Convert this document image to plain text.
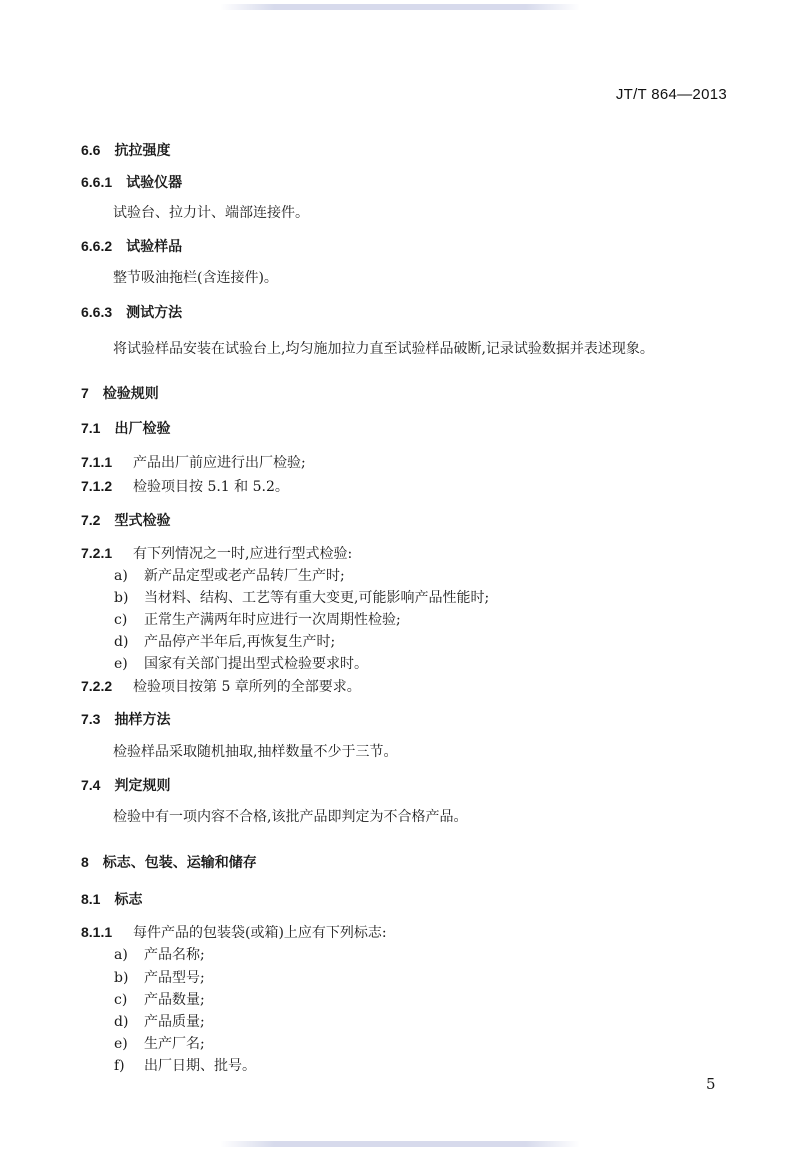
JT/T 864—2013
6.6 抗拉强度
6.6.1 试验仪器
试验台、拉力计、端部连接件。
6.6.2 试验样品
整节吸油拖栏(含连接件)。
6.6.3 测试方法
将试验样品安装在试验台上,均匀施加拉力直至试验样品破断,记录试验数据并表述现象。
7 检验规则
7.1 出厂检验
7.1.1 产品出厂前应进行出厂检验;
7.1.2 检验项目按 5.1 和 5.2。
7.2 型式检验
7.2.1 有下列情况之一时,应进行型式检验:
a) 新产品定型或老产品转厂生产时;
b) 当材料、结构、工艺等有重大变更,可能影响产品性能时;
c) 正常生产满两年时应进行一次周期性检验;
d) 产品停产半年后,再恢复生产时;
e) 国家有关部门提出型式检验要求时。
7.2.2 检验项目按第 5 章所列的全部要求。
7.3 抽样方法
检验样品采取随机抽取,抽样数量不少于三节。
7.4 判定规则
检验中有一项内容不合格,该批产品即判定为不合格产品。
8 标志、包装、运输和储存
8.1 标志
8.1.1 每件产品的包装袋(或箱)上应有下列标志:
a) 产品名称;
b) 产品型号;
c) 产品数量;
d) 产品质量;
e) 生产厂名;
f) 出厂日期、批号。
5
